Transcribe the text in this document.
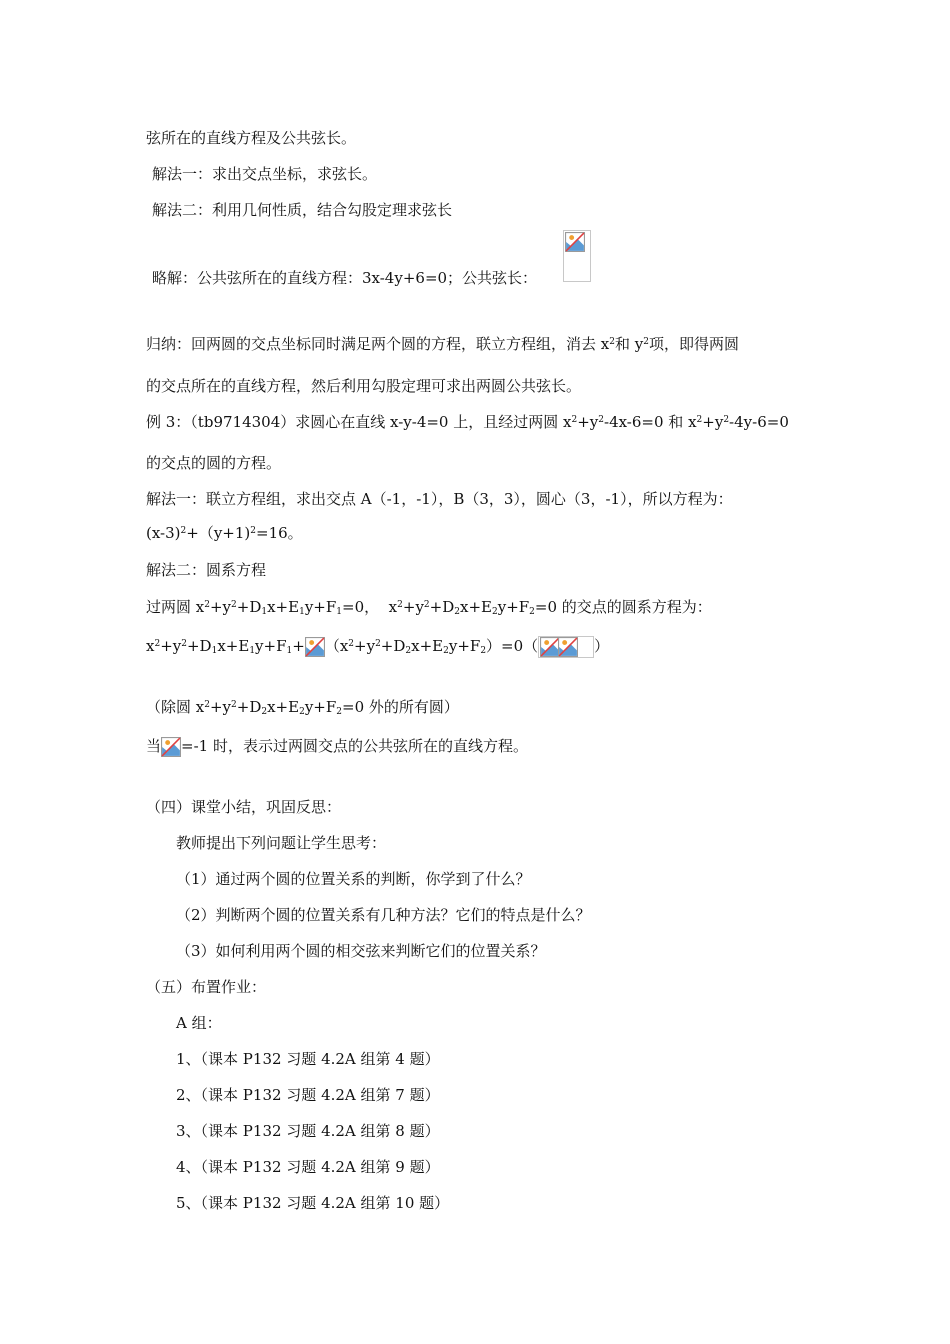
弦所在的直线方程及公共弦长。
解法一：求出交点坐标，求弦长。
解法二：利用几何性质，结合勾股定理求弦长
略解：公共弦所在的直线方程：3x-4y+6=0；公共弦长：
归纳：回两圆的交点坐标同时满足两个圆的方程，联立方程组，消去 $x^2$和 $y^2$项，即得两圆
的交点所在的直线方程，然后利用勾股定理可求出两圆公共弦长。
例 3：（tb9714304）求圆心在直线 x-y-4=0 上，且经过两圆 $x^2+y^2-4x-6=0$ 和 $x^2+y^2-4y-6=0$
的交点的圆的方程。
解法一：联立方程组，求出交点 A（-1，-1），B（3，3），圆心（3，-1），所以方程为：
$(x-3)^2+(y+1)^2=16$。
解法二：圆系方程
过两圆 $x^2+y^2+D_1x+E_1y+F_1=0$， $x^2+y^2+D_2x+E_2y+F_2=0$ 的交点的圆系方程为：
$x^2+y^2+D_1x+E_1y+F_1+ (x^2+y^2+D_2x+E_2y+F_2)=0$（	）
（除圆 $x^2+y^2+D_2x+E_2y+F_2=0$ 外的所有圆）
当 =-1 时，表示过两圆交点的公共弦所在的直线方程。
（四）课堂小结，巩固反思：
教师提出下列问题让学生思考：
（1）通过两个圆的位置关系的判断，你学到了什么？
（2）判断两个圆的位置关系有几种方法？它们的特点是什么？
（3）如何利用两个圆的相交弦来判断它们的位置关系？
（五）布置作业：
A 组：
1、（课本 P132 习题 4.2A 组第 4 题）
2、（课本 P132 习题 4.2A 组第 7 题）
3、（课本 P132 习题 4.2A 组第 8 题）
4、（课本 P132 习题 4.2A 组第 9 题）
5、（课本 P132 习题 4.2A 组第 10 题）
